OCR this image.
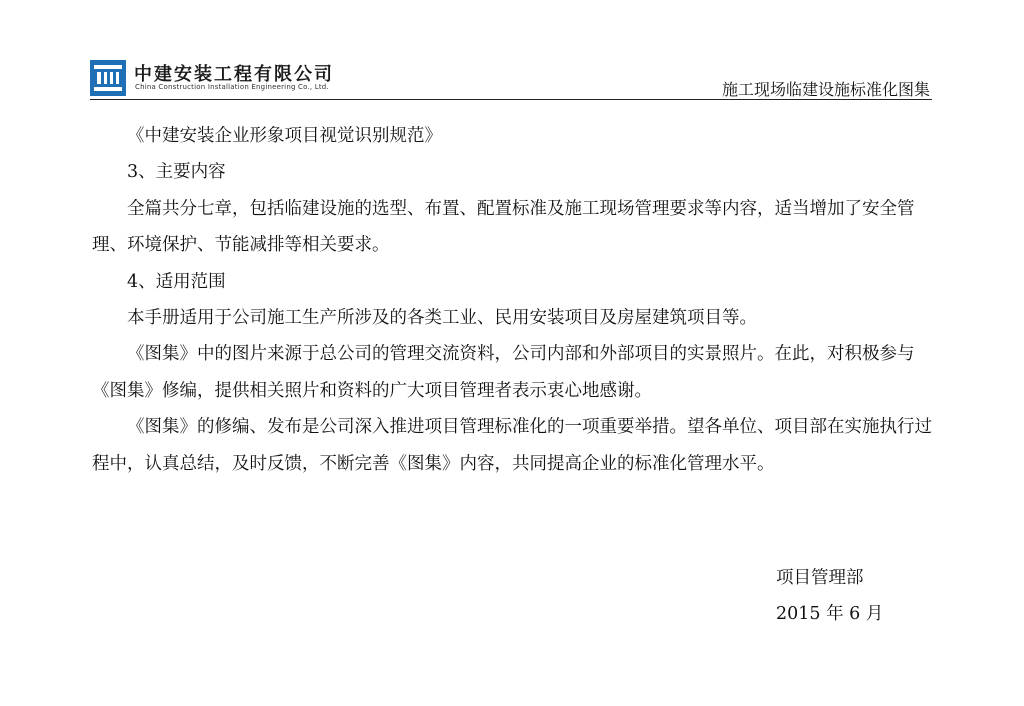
中建安装工程有限公司
China Construction Installation Engineering Co., Ltd.	施工现场临建设施标准化图集

《中建安装企业形象项目视觉识别规范》

3、主要内容

全篇共分七章，包括临建设施的选型、布置、配置标准及施工现场管理要求等内容，适当增加了安全管理、环境保护、节能减排等相关要求。

4、适用范围

本手册适用于公司施工生产所涉及的各类工业、民用安装项目及房屋建筑项目等。

《图集》中的图片来源于总公司的管理交流资料，公司内部和外部项目的实景照片。在此，对积极参与《图集》修编，提供相关照片和资料的广大项目管理者表示衷心地感谢。

《图集》的修编、发布是公司深入推进项目管理标准化的一项重要举措。望各单位、项目部在实施执行过程中，认真总结，及时反馈，不断完善《图集》内容，共同提高企业的标准化管理水平。

项目管理部

2015 年 6 月
